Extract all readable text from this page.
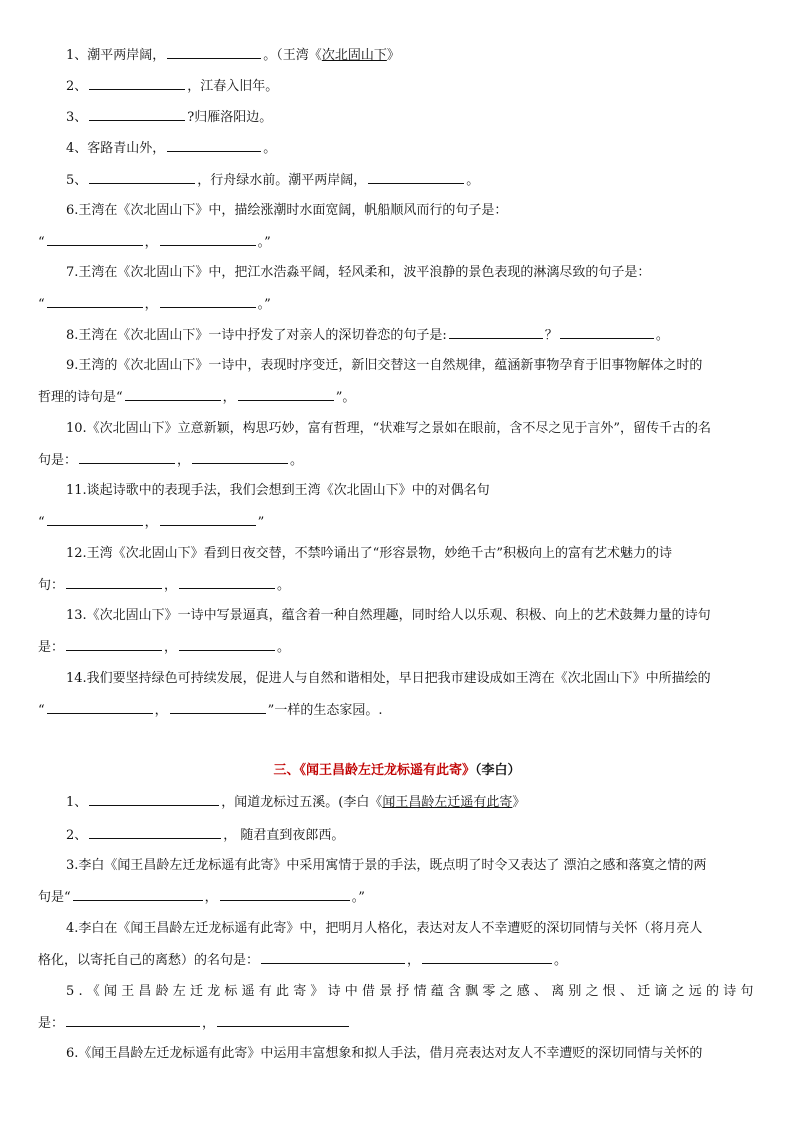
1、潮平两岸阔，	。（王湾《次北固山下》
2、	，江春入旧年。
3、	?归雁洛阳边。
4、客路青山外，	。
5、	，行舟绿水前。潮平两岸阔，	。
6.王湾在《次北固山下》中，描绘涨潮时水面宽阔，帆船顺风而行的句子是：
“	，	。”
7.王湾在《次北固山下》中，把江水浩淼平阔，轻风柔和，波平浪静的景色表现的淋漓尽致的句子是：
“	，	。”
8.王湾在《次北固山下》一诗中抒发了对亲人的深切眷恋的句子是:	？	。
9.王湾的《次北固山下》一诗中，表现时序变迁，新旧交替这一自然规律，蕴涵新事物孕育于旧事物解体之时的
哲理的诗句是“	，	”。
10.《次北固山下》立意新颖，构思巧妙，富有哲理，“状难写之景如在眼前，含不尽之见于言外”，留传千古的名
句是：	，	。
11.谈起诗歌中的表现手法，我们会想到王湾《次北固山下》中的对偶名句
“	，	”
12.王湾《次北固山下》看到日夜交替，不禁吟诵出了“形容景物，妙绝千古”积极向上的富有艺术魅力的诗
句：	，	。
13.《次北固山下》一诗中写景逼真，蕴含着一种自然理趣，同时给人以乐观、积极、向上的艺术鼓舞力量的诗句
是：	，	。
14.我们要坚持绿色可持续发展，促进人与自然和谐相处，早日把我市建设成如王湾在《次北固山下》中所描绘的
“	，	”一样的生态家园。.
三、《闻王昌龄左迁龙标遥有此寄》（李白）
1、	，闻道龙标过五溪。(李白《闻王昌龄左迁遥有此寄》
2、	， 随君直到夜郎西。
3.李白《闻王昌龄左迁龙标遥有此寄》中采用寓情于景的手法，既点明了时令又表达了 漂泊之感和落寞之情的两
句是“	，	。”
4.李白在《闻王昌龄左迁龙标遥有此寄》中，把明月人格化，表达对友人不幸遭贬的深切同情与关怀（将月亮人
格化，以寄托自己的离愁）的名句是：	，	。
5.《闻王昌龄左迁龙标遥有此寄》诗中借景抒情蕴含飘零之感、离别之恨、迁谪之远的诗句
是：	，
6.《闻王昌龄左迁龙标遥有此寄》中运用丰富想象和拟人手法，借月亮表达对友人不幸遭贬的深切同情与关怀的
